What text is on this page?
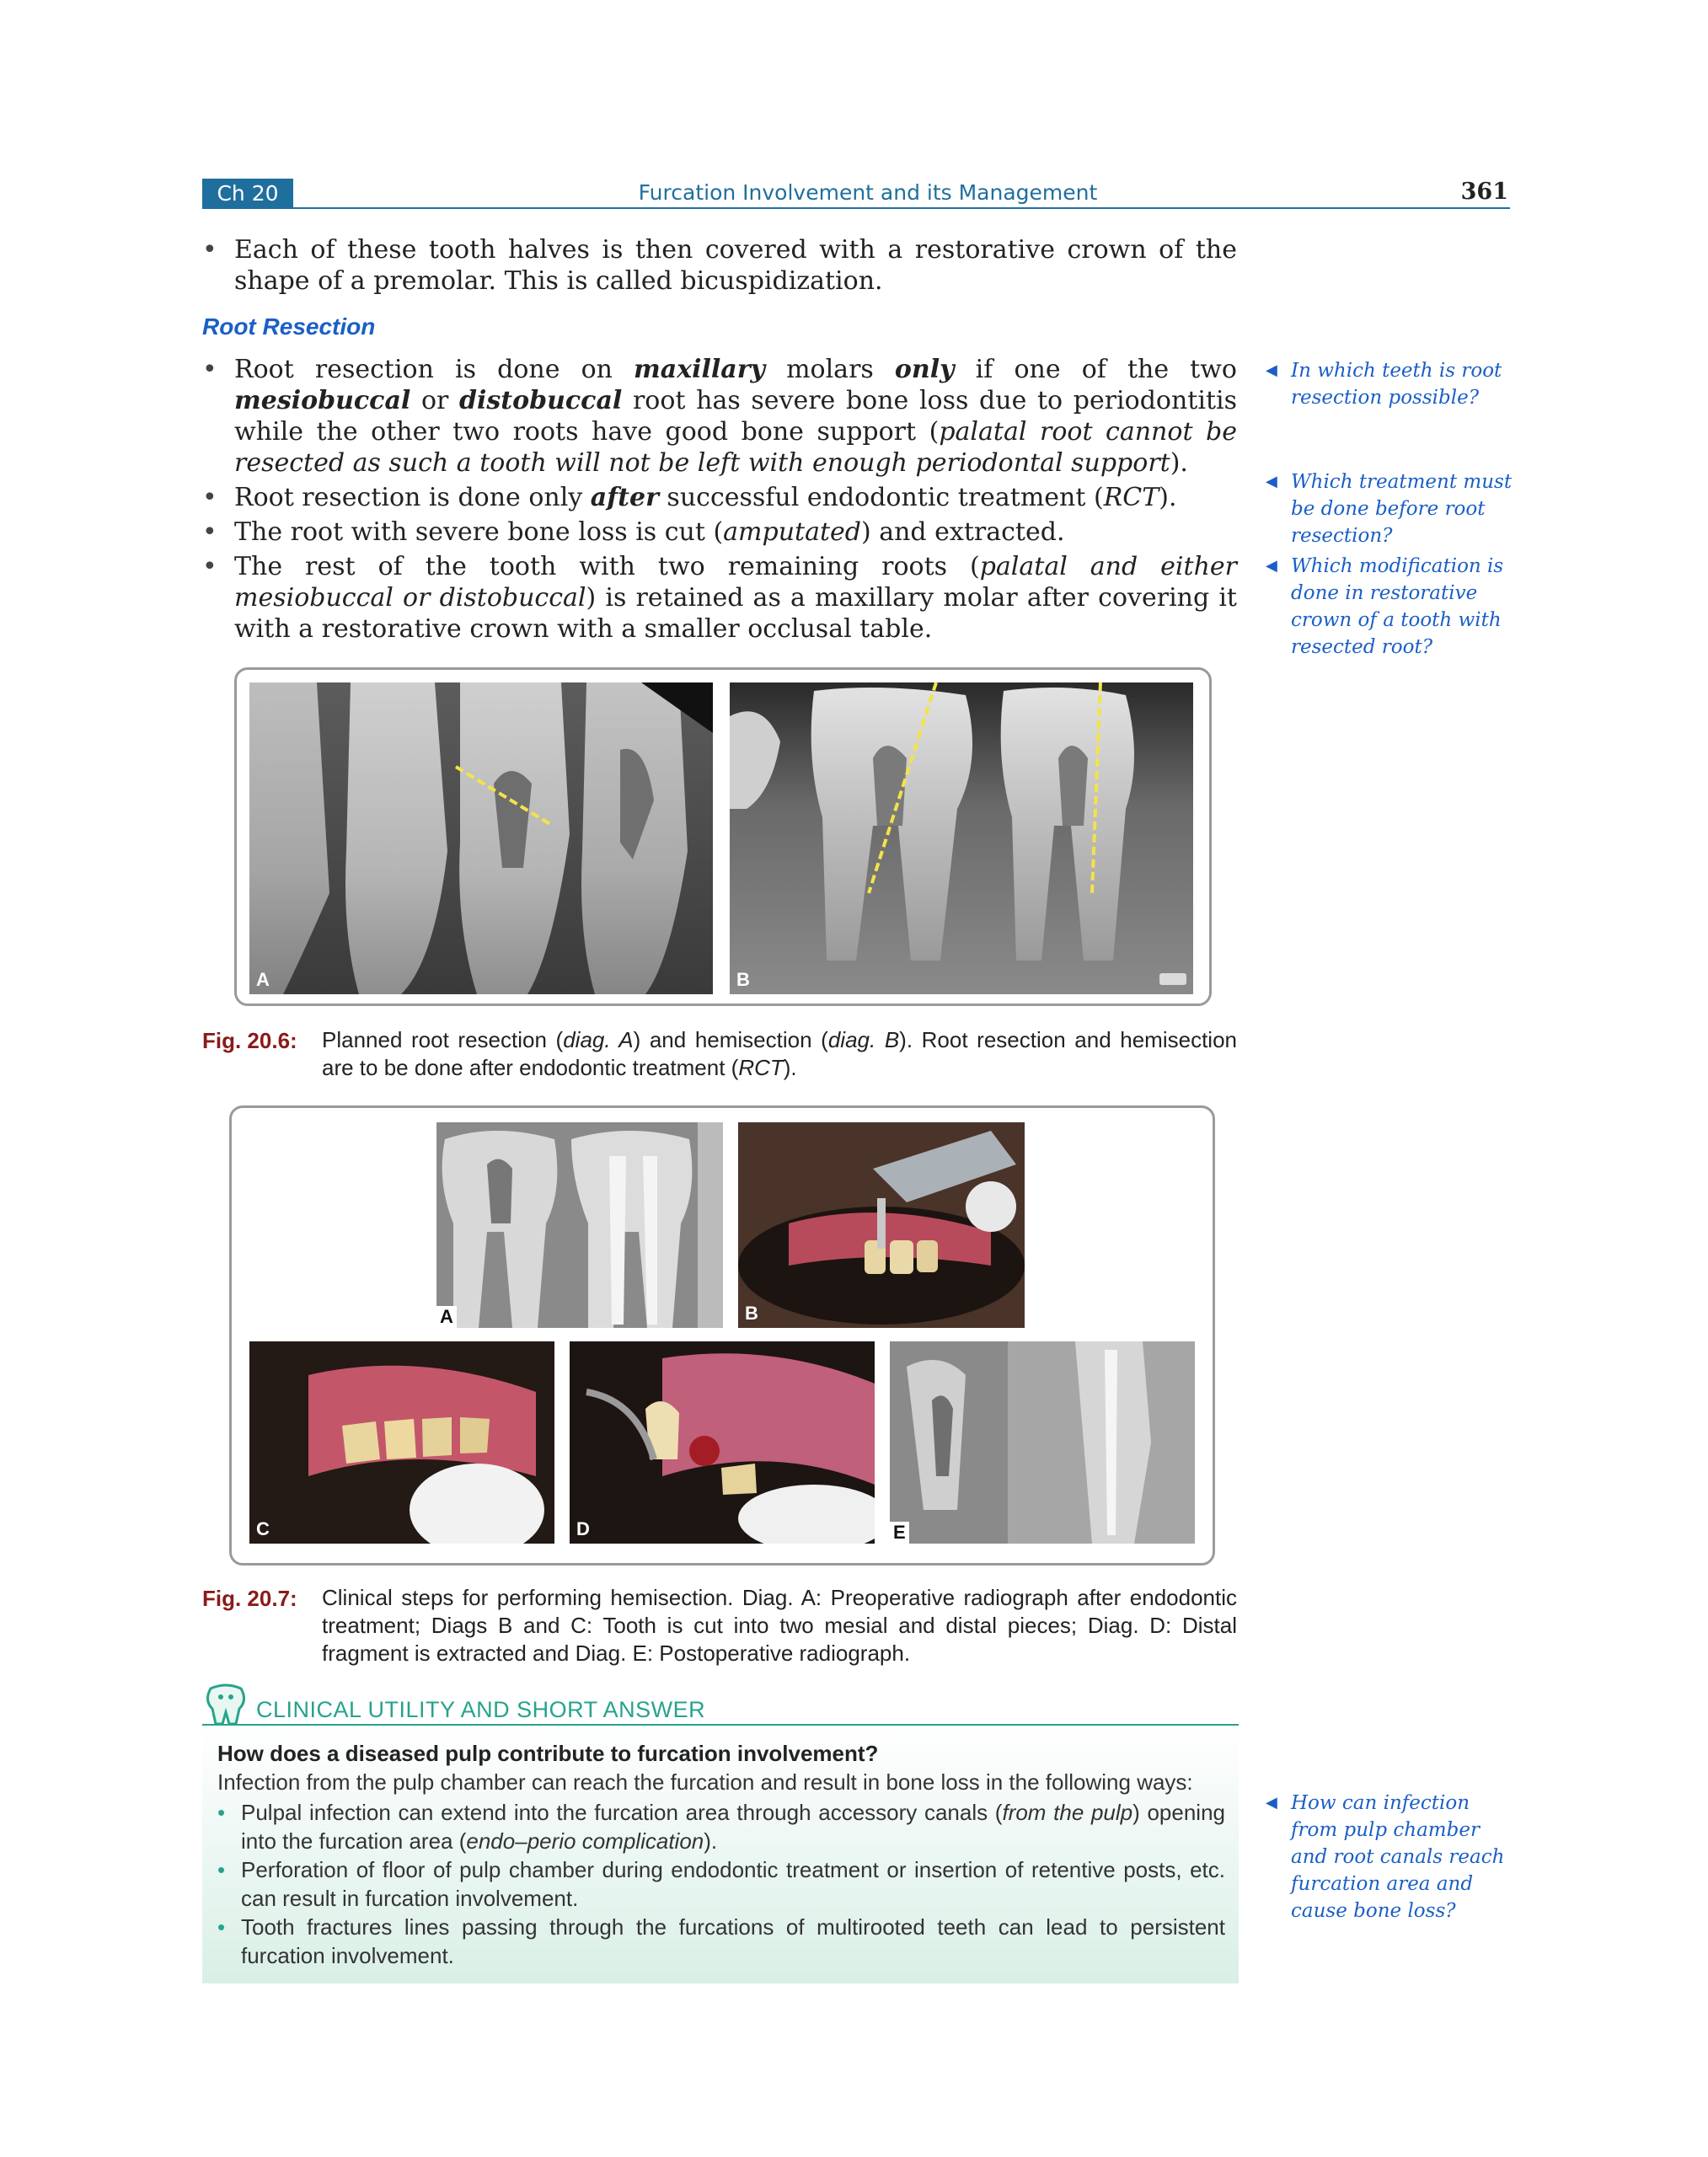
Ch 20	Furcation Involvement and its Management	361
• Each of these tooth halves is then covered with a restorative crown of the shape of a premolar. This is called bicuspidization.
Root Resection
• Root resection is done on maxillary molars only if one of the two mesiobuccal or distobuccal root has severe bone loss due to periodontitis while the other two roots have good bone support (palatal root cannot be resected as such a tooth will not be left with enough periodontal support).
• Root resection is done only after successful endodontic treatment (RCT).
• The root with severe bone loss is cut (amputated) and extracted.
• The rest of the tooth with two remaining roots (palatal and either mesiobuccal or distobuccal) is retained as a maxillary molar after covering it with a restorative crown with a smaller occlusal table.
◀ In which teeth is root resection possible?
◀ Which treatment must be done before root resection?
◀ Which modification is done in restorative crown of a tooth with resected root?
◀ How can infection from pulp chamber and root canals reach furcation area and cause bone loss?
A	B
Fig. 20.6: Planned root resection (diag. A) and hemisection (diag. B). Root resection and hemisection are to be done after endodontic treatment (RCT).
A	B
C	D	E
Fig. 20.7: Clinical steps for performing hemisection. Diag. A: Preoperative radiograph after endodontic treatment; Diags B and C: Tooth is cut into two mesial and distal pieces; Diag. D: Distal fragment is extracted and Diag. E: Postoperative radiograph.
CLINICAL UTILITY AND SHORT ANSWER
How does a diseased pulp contribute to furcation involvement?
Infection from the pulp chamber can reach the furcation and result in bone loss in the following ways:
• Pulpal infection can extend into the furcation area through accessory canals (from the pulp) opening into the furcation area (endo–perio complication).
• Perforation of floor of pulp chamber during endodontic treatment or insertion of retentive posts, etc. can result in furcation involvement.
• Tooth fractures lines passing through the furcations of multirooted teeth can lead to persistent furcation involvement.
